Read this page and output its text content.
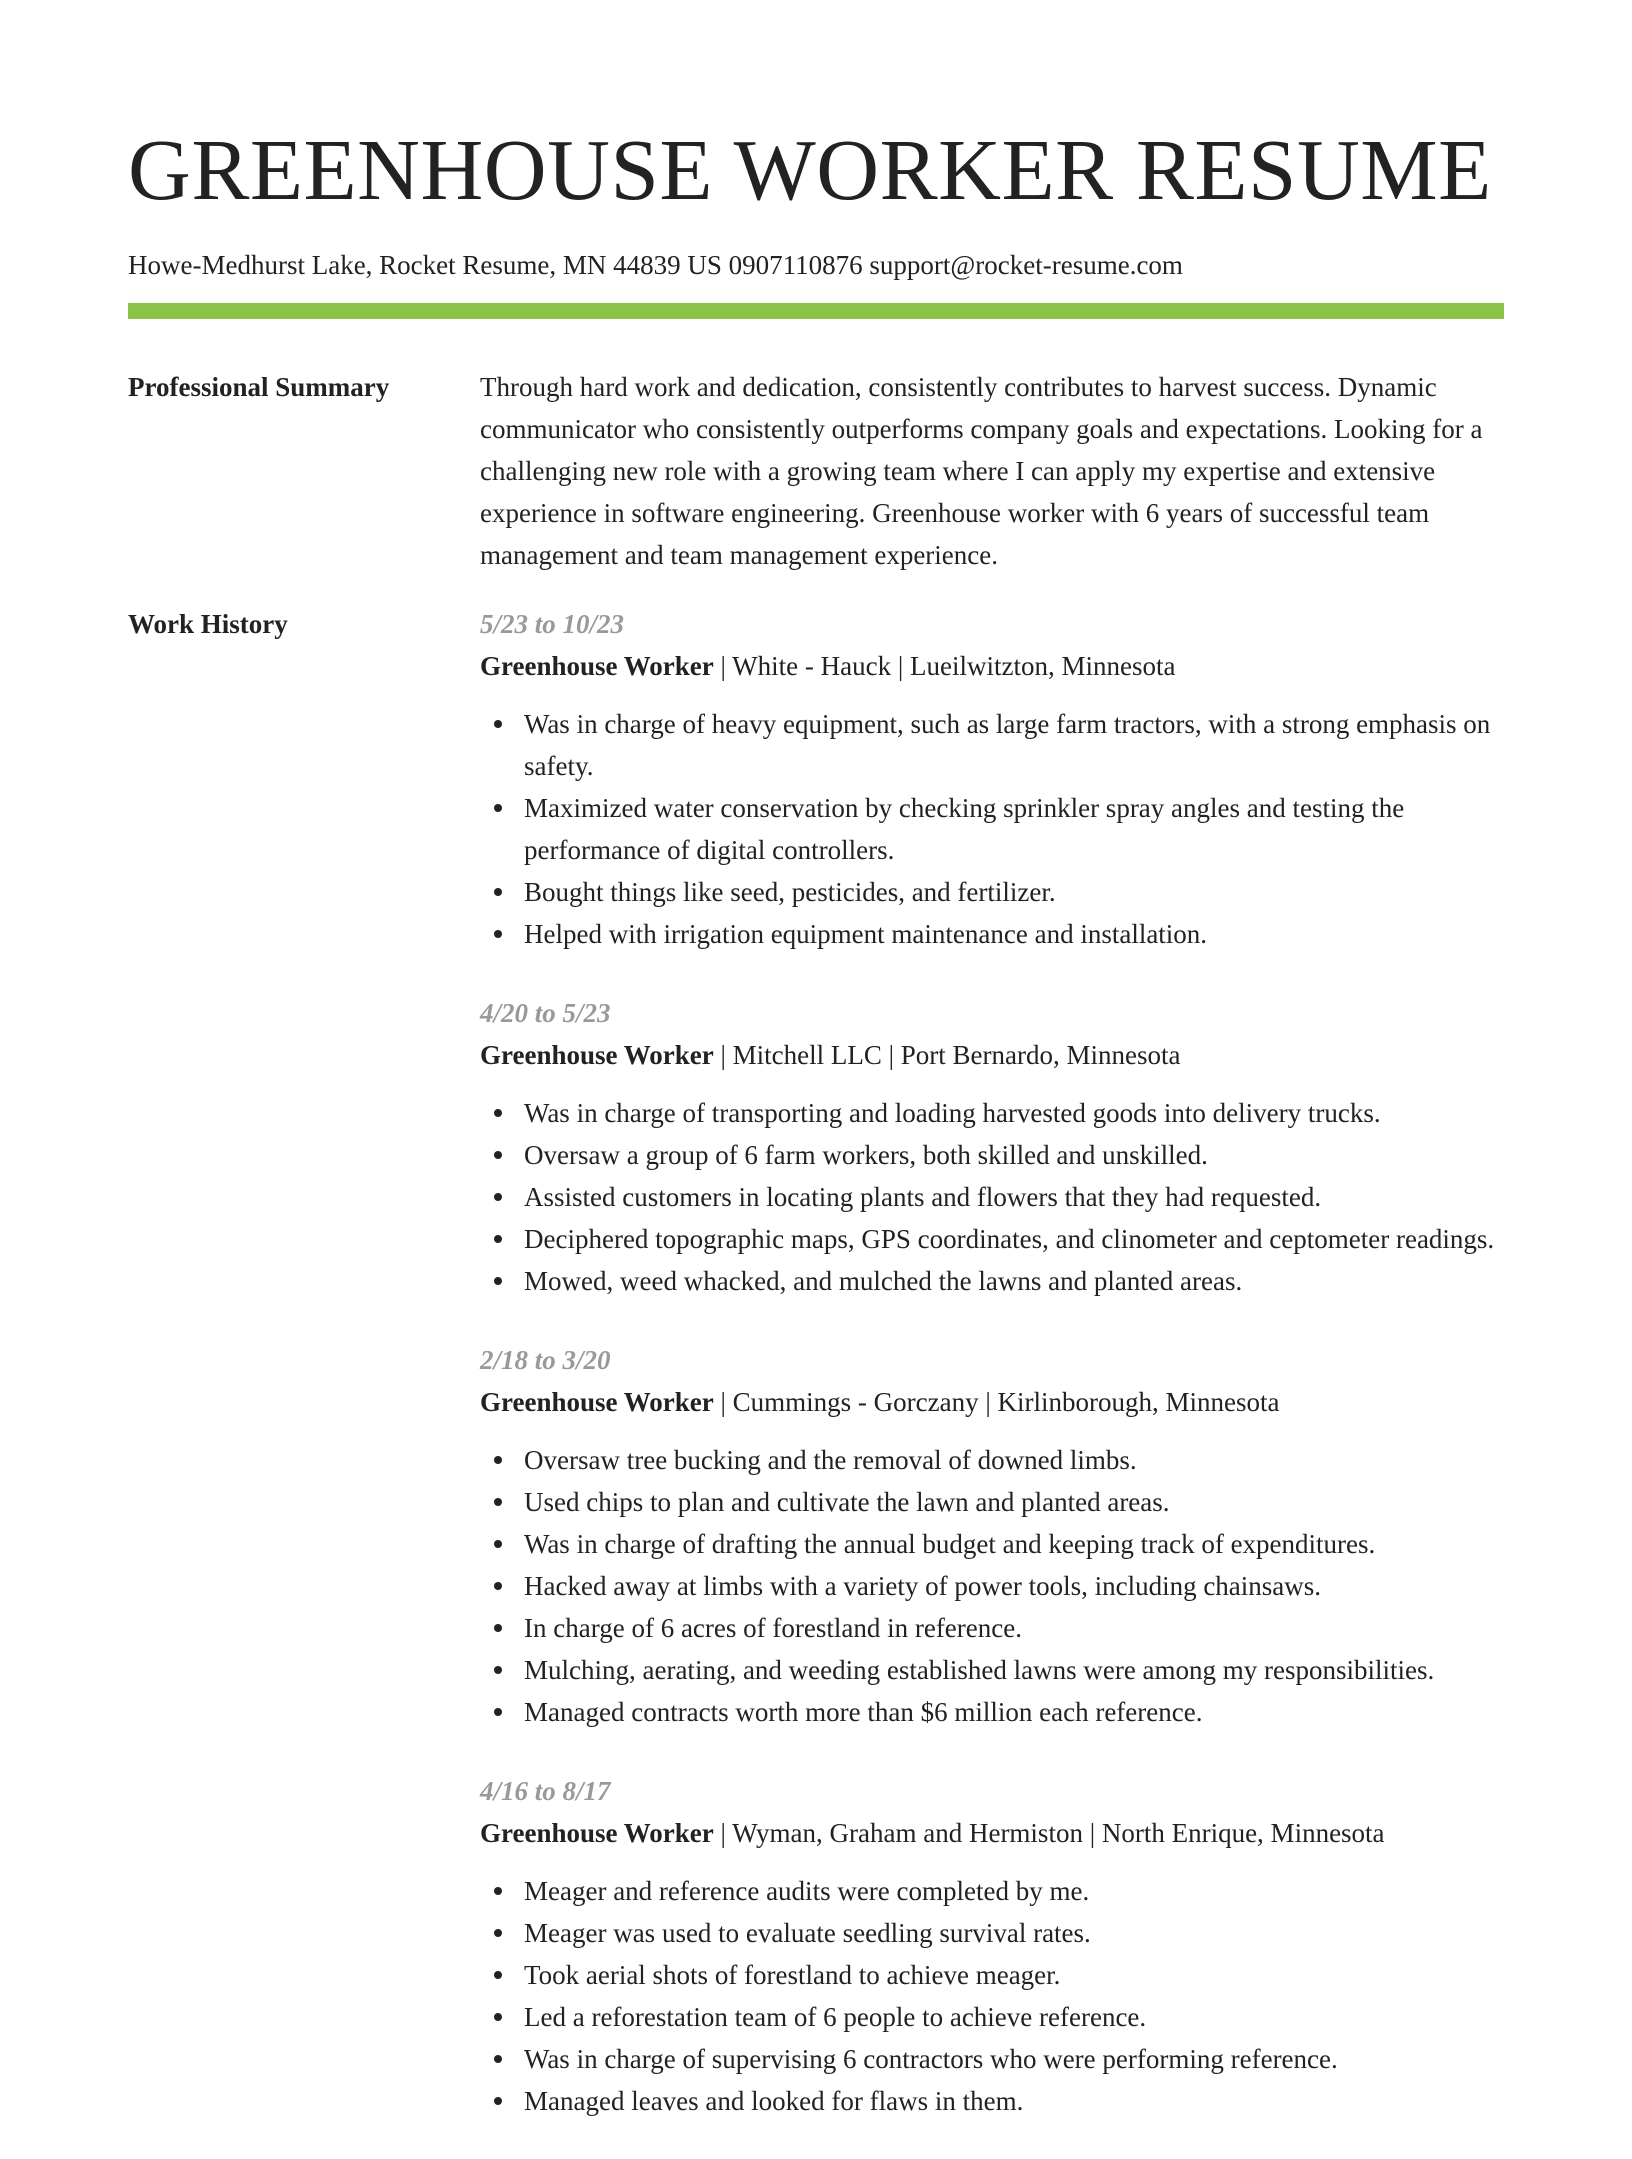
GREENHOUSE WORKER RESUME
Howe-Medhurst Lake, Rocket Resume, MN 44839 US 0907110876 support@rocket-resume.com
Professional Summary	Through hard work and dedication, consistently contributes to harvest success. Dynamic communicator who consistently outperforms company goals and expectations. Looking for a challenging new role with a growing team where I can apply my expertise and extensive experience in software engineering. Greenhouse worker with 6 years of successful team management and team management experience.
Work History	5/23 to 10/23
Greenhouse Worker | White - Hauck | Lueilwitzton, Minnesota
Was in charge of heavy equipment, such as large farm tractors, with a strong emphasis on safety.
Maximized water conservation by checking sprinkler spray angles and testing the performance of digital controllers.
Bought things like seed, pesticides, and fertilizer.
Helped with irrigation equipment maintenance and installation.
4/20 to 5/23
Greenhouse Worker | Mitchell LLC | Port Bernardo, Minnesota
Was in charge of transporting and loading harvested goods into delivery trucks.
Oversaw a group of 6 farm workers, both skilled and unskilled.
Assisted customers in locating plants and flowers that they had requested.
Deciphered topographic maps, GPS coordinates, and clinometer and ceptometer readings.
Mowed, weed whacked, and mulched the lawns and planted areas.
2/18 to 3/20
Greenhouse Worker | Cummings - Gorczany | Kirlinborough, Minnesota
Oversaw tree bucking and the removal of downed limbs.
Used chips to plan and cultivate the lawn and planted areas.
Was in charge of drafting the annual budget and keeping track of expenditures.
Hacked away at limbs with a variety of power tools, including chainsaws.
In charge of 6 acres of forestland in reference.
Mulching, aerating, and weeding established lawns were among my responsibilities.
Managed contracts worth more than $6 million each reference.
4/16 to 8/17
Greenhouse Worker | Wyman, Graham and Hermiston | North Enrique, Minnesota
Meager and reference audits were completed by me.
Meager was used to evaluate seedling survival rates.
Took aerial shots of forestland to achieve meager.
Led a reforestation team of 6 people to achieve reference.
Was in charge of supervising 6 contractors who were performing reference.
Managed leaves and looked for flaws in them.
